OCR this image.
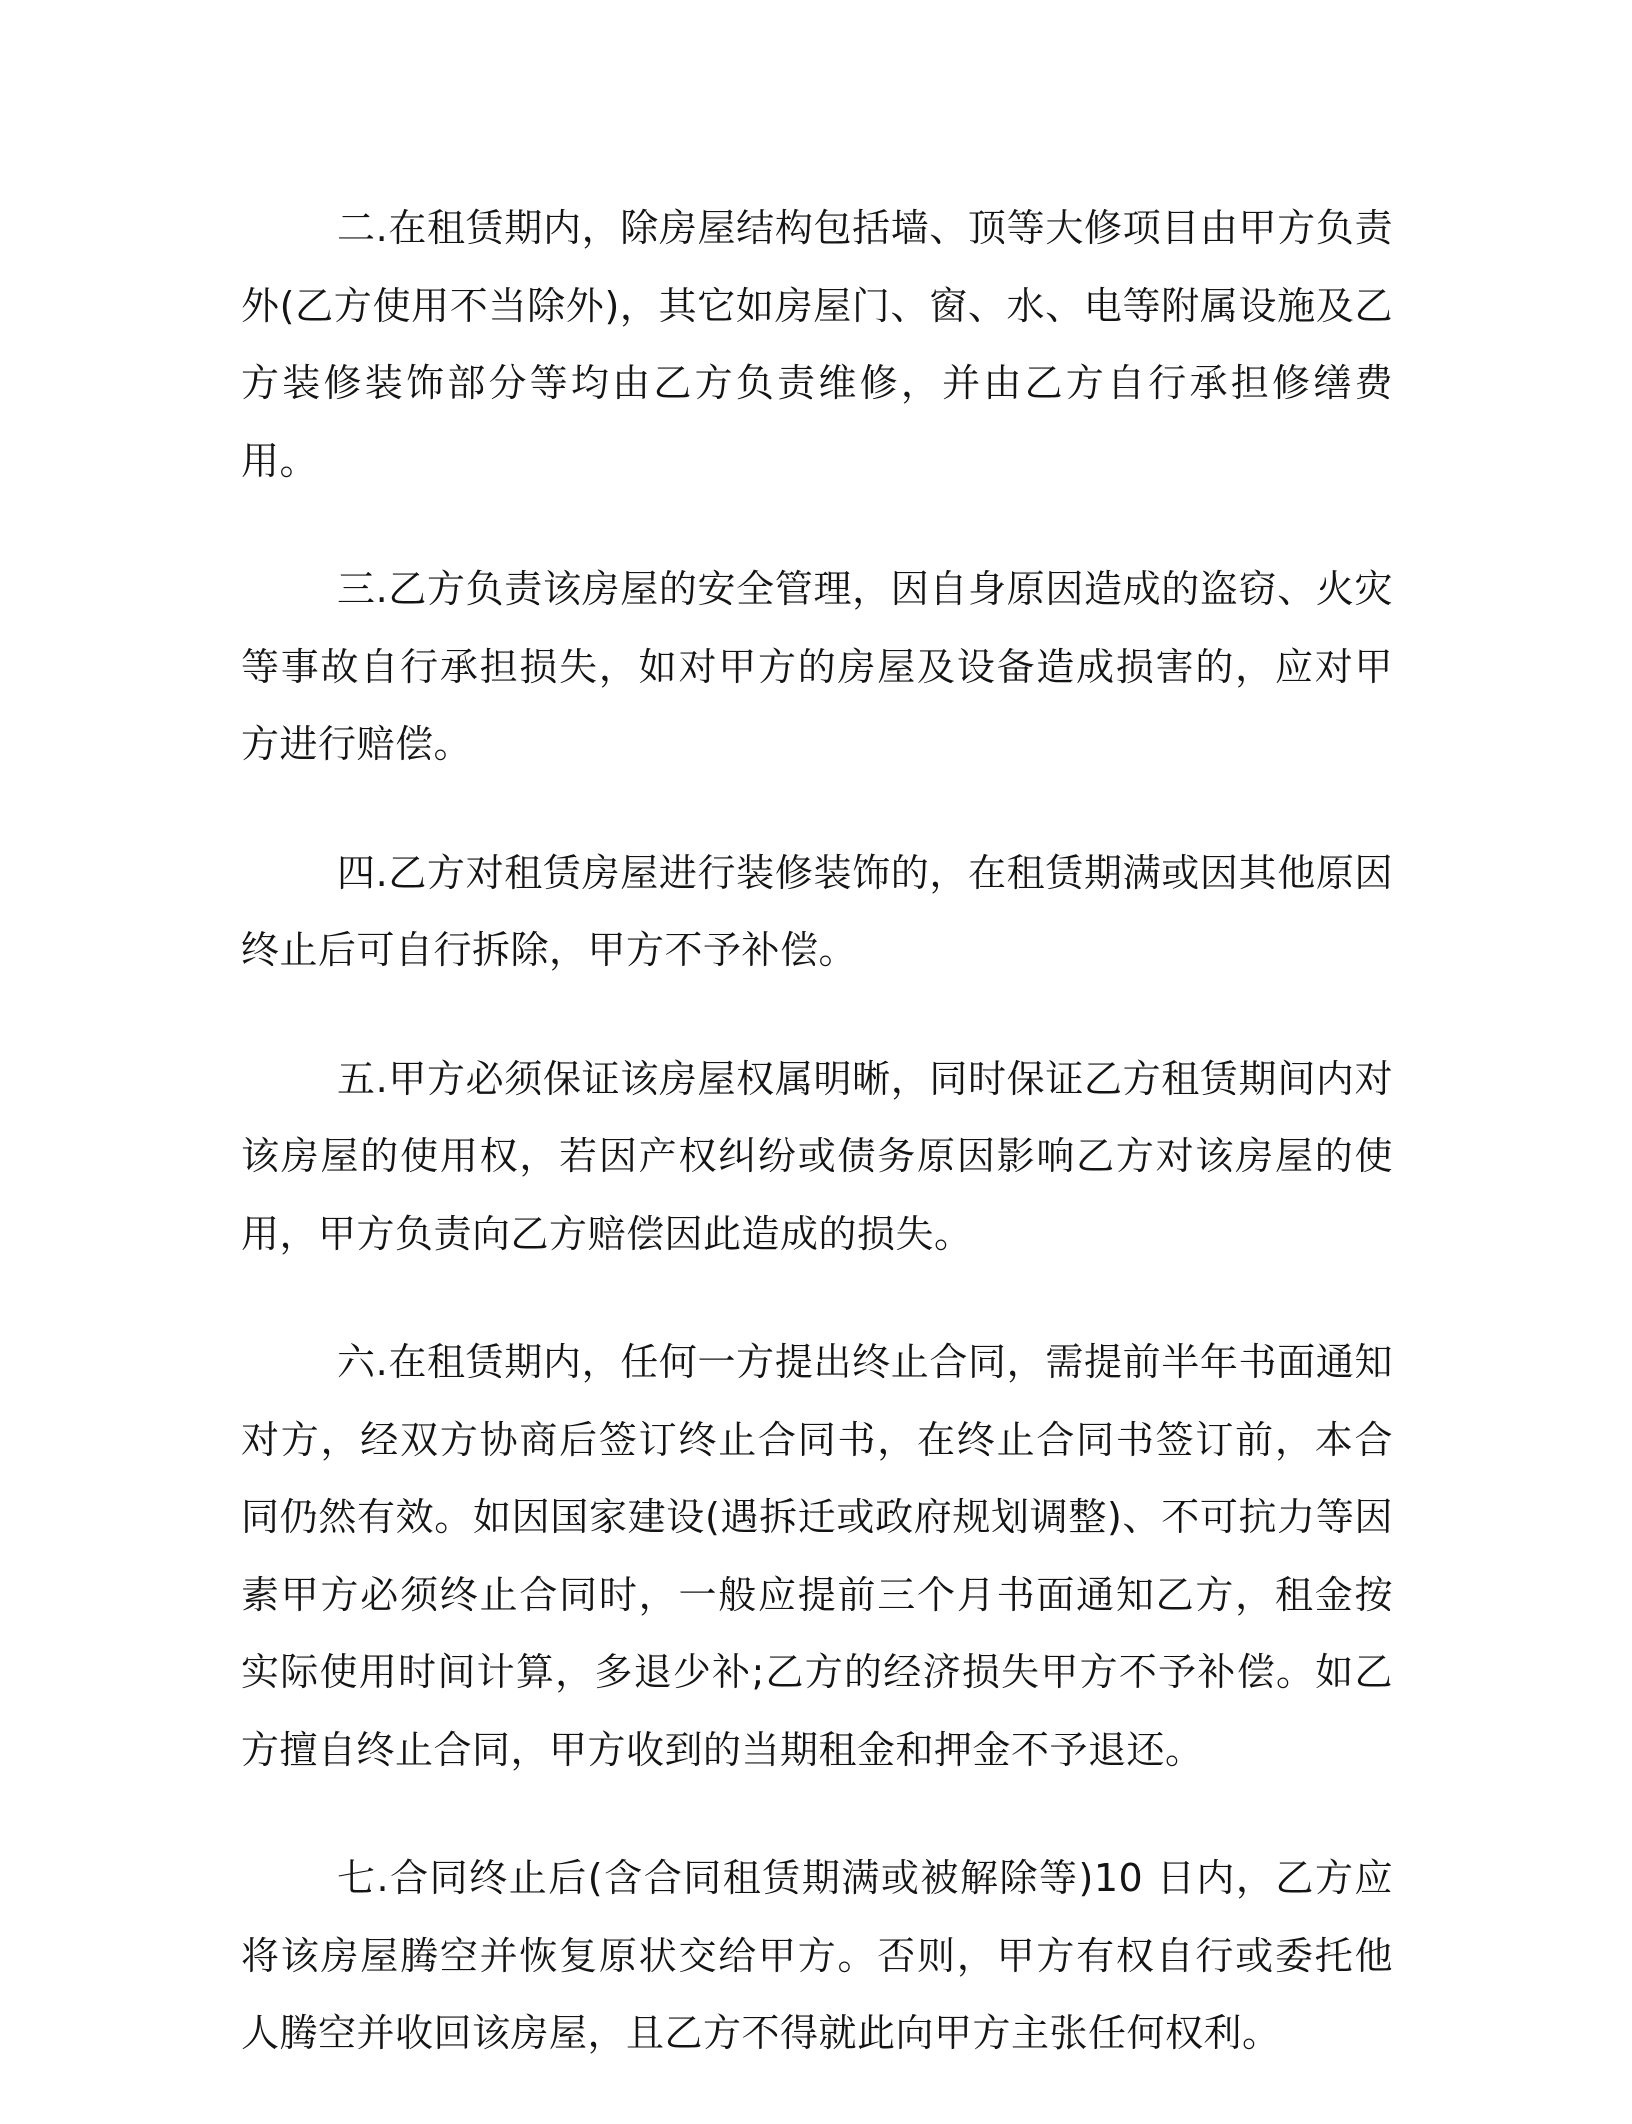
二.在租赁期内，除房屋结构包括墙、顶等大修项目由甲方负责外(乙方使用不当除外)，其它如房屋门、窗、水、电等附属设施及乙方装修装饰部分等均由乙方负责维修，并由乙方自行承担修缮费用。

三.乙方负责该房屋的安全管理，因自身原因造成的盗窃、火灾等事故自行承担损失，如对甲方的房屋及设备造成损害的，应对甲方进行赔偿。

四.乙方对租赁房屋进行装修装饰的，在租赁期满或因其他原因终止后可自行拆除，甲方不予补偿。

五.甲方必须保证该房屋权属明晰，同时保证乙方租赁期间内对该房屋的使用权，若因产权纠纷或债务原因影响乙方对该房屋的使用，甲方负责向乙方赔偿因此造成的损失。

六.在租赁期内，任何一方提出终止合同，需提前半年书面通知对方，经双方协商后签订终止合同书，在终止合同书签订前，本合同仍然有效。如因国家建设(遇拆迁或政府规划调整)、不可抗力等因素甲方必须终止合同时，一般应提前三个月书面通知乙方，租金按实际使用时间计算，多退少补;乙方的经济损失甲方不予补偿。如乙方擅自终止合同，甲方收到的当期租金和押金不予退还。

七.合同终止后(含合同租赁期满或被解除等)10 日内，乙方应将该房屋腾空并恢复原状交给甲方。否则，甲方有权自行或委托他人腾空并收回该房屋，且乙方不得就此向甲方主张任何权利。
